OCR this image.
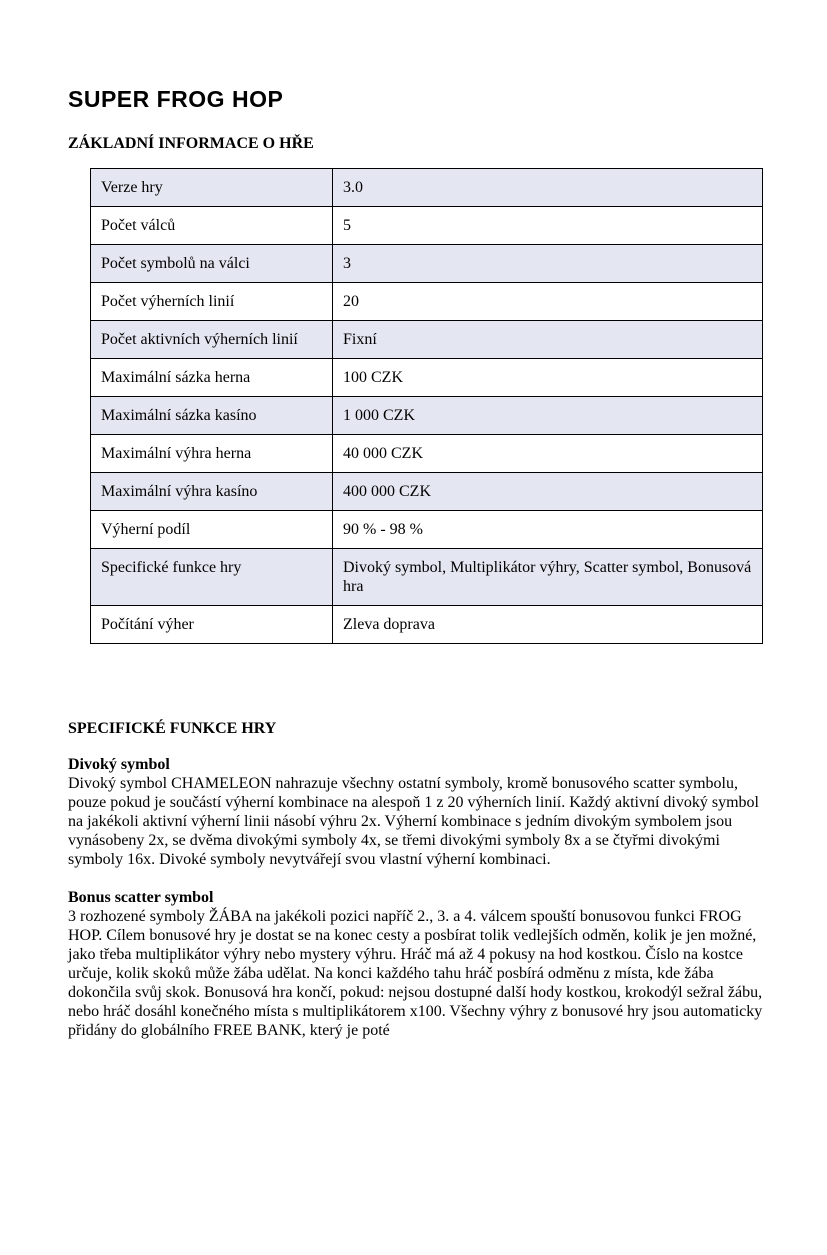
SUPER FROG HOP
ZÁKLADNÍ INFORMACE O HŘE
Verze hry	3.0
Počet válců	5
Počet symbolů na válci	3
Počet výherních linií	20
Počet aktivních výherních linií	Fixní
Maximální sázka herna	100 CZK
Maximální sázka kasíno	1 000 CZK
Maximální výhra herna	40 000 CZK
Maximální výhra kasíno	400 000 CZK
Výherní podíl	90 % - 98 %
Specifické funkce hry	Divoký symbol, Multiplikátor výhry, Scatter symbol, Bonusová hra
Počítání výher	Zleva doprava
SPECIFICKÉ FUNKCE HRY
Divoký symbol
Divoký symbol CHAMELEON nahrazuje všechny ostatní symboly, kromě bonusového scatter symbolu, pouze pokud je součástí výherní kombinace na alespoň 1 z 20 výherních linií. Každý aktivní divoký symbol na jakékoli aktivní výherní linii násobí výhru 2x. Výherní kombinace s jedním divokým symbolem jsou vynásobeny 2x, se dvěma divokými symboly 4x, se třemi divokými symboly 8x a se čtyřmi divokými symboly 16x. Divoké symboly nevytvářejí svou vlastní výherní kombinaci.
Bonus scatter symbol
3 rozhozené symboly ŽÁBA na jakékoli pozici napříč 2., 3. a 4. válcem spouští bonusovou funkci FROG HOP. Cílem bonusové hry je dostat se na konec cesty a posbírat tolik vedlejších odměn, kolik je jen možné, jako třeba multiplikátor výhry nebo mystery výhru. Hráč má až 4 pokusy na hod kostkou. Číslo na kostce určuje, kolik skoků může žába udělat. Na konci každého tahu hráč posbírá odměnu z místa, kde žába dokončila svůj skok. Bonusová hra končí, pokud: nejsou dostupné další hody kostkou, krokodýl sežral žábu, nebo hráč dosáhl konečného místa s multiplikátorem x100. Všechny výhry z bonusové hry jsou automaticky přidány do globálního FREE BANK, který je poté
